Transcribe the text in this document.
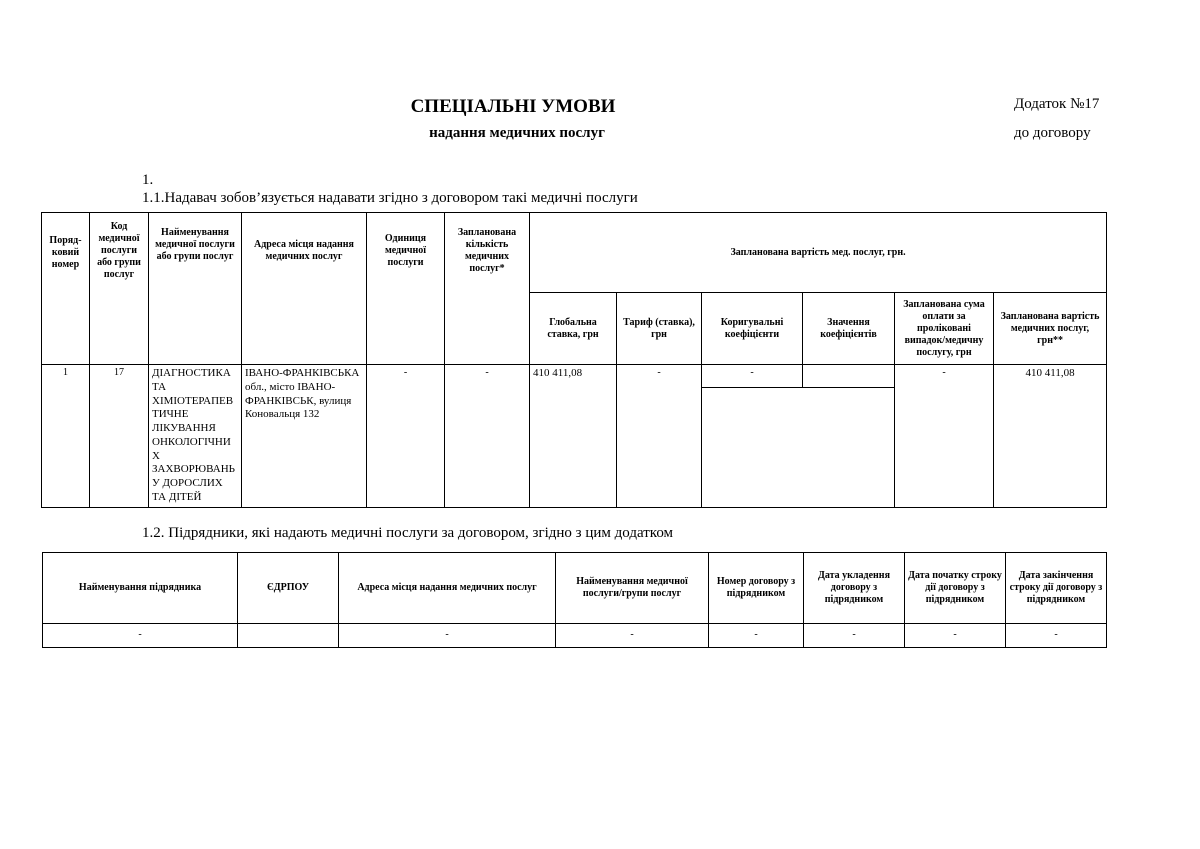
СПЕЦІАЛЬНІ УМОВИ
надання медичних послуг
Додаток №17
до договору
1.
1.1.Надавач зобов’язується надавати згідно з договором такі медичні послуги
Поряд-ковий номер	Код медичної послуги або групи послуг	Найменування медичної послуги або групи послуг	Адреса місця надання медичних послуг	Одиниця медичної послуги	Запланована кількість медичних послуг*	Запланована вартість мед. послуг, грн.					
						Глобальна ставка, грн	Тариф (ставка), грн	Коригувальні коефіцієнти	Значення коефіцієнтів	Запланована сума оплати за проліковані випадок/медичну послугу, грн	Запланована вартість медичних послуг, грн**
1	17	ДІАГНОСТИКА ТА ХІМІОТЕРАПЕВ ТИЧНЕ ЛІКУВАННЯ ОНКОЛОГІЧНИ Х ЗАХВОРЮВАНЬ У ДОРОСЛИХ ТА ДІТЕЙ	ІВАНО-ФРАНКІВСЬКА обл., місто ІВАНО-ФРАНКІВСЬК, вулиця Коновальця 132	-	-	410 411,08	-	-		-	410 411,08

1.2. Підрядники, які надають медичні послуги за договором, згідно з цим додатком
Найменування підрядника	ЄДРПОУ	Адреса місця надання медичних послуг	Найменування медичної послуги/групи послуг	Номер договору з підрядником	Дата укладення договору з підрядником	Дата початку строку дії договору з підрядником	Дата закінчення строку дії договору з підрядником
-		-	-	-	-	-	-
